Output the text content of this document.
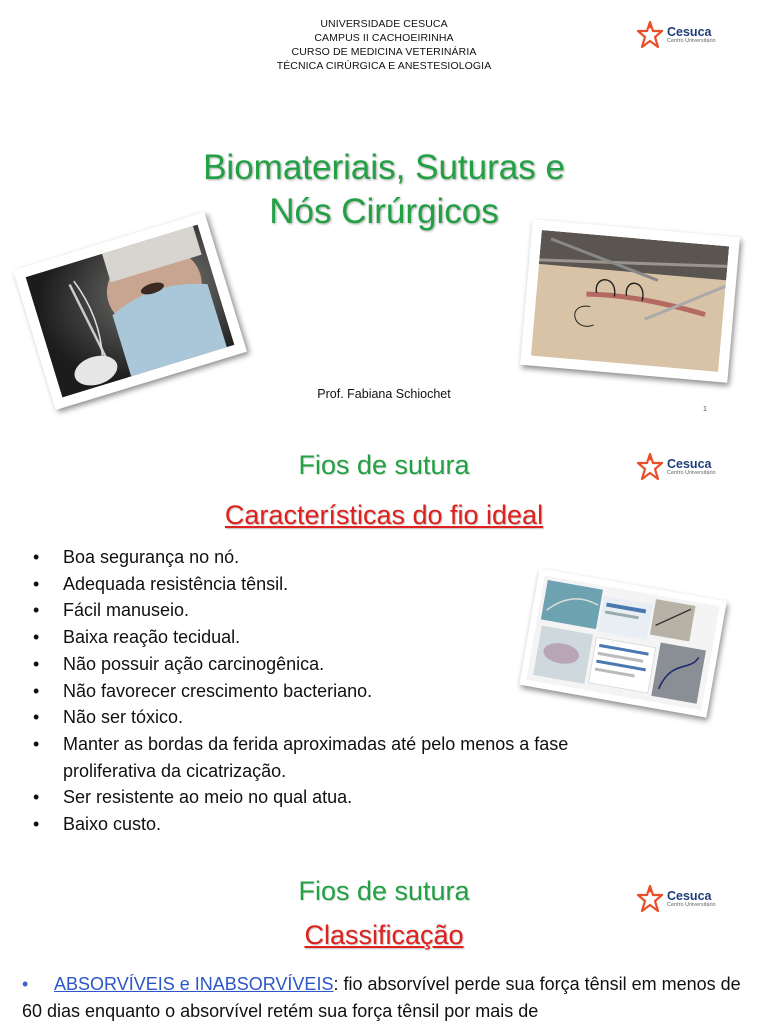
UNIVERSIDADE CESUCA
CAMPUS II CACHOEIRINHA
CURSO DE MEDICINA VETERINÁRIA
TÉCNICA CIRÚRGICA E ANESTESIOLOGIA
Cesuca
Centro Universitário
Biomateriais, Suturas e
Nós Cirúrgicos
Prof. Fabiana Schiochet
1
Fios de sutura	Cesuca
Centro Universitário
Características do fio ideal
• Boa segurança no nó.
• Adequada resistência tênsil.
• Fácil manuseio.
• Baixa reação tecidual.
• Não possuir ação carcinogênica.
• Não favorecer crescimento bacteriano.
• Não ser tóxico.
• Manter as bordas da ferida aproximadas até pelo menos a fase proliferativa da cicatrização.
• Ser resistente ao meio no qual atua.
• Baixo custo.
Fios de sutura	Cesuca
Centro Universitário
Classificação
• ABSORVÍVEIS e INABSORVÍVEIS: fio absorvível perde sua força tênsil em menos de 60 dias enquanto o absorvível retém sua força tênsil por mais de
